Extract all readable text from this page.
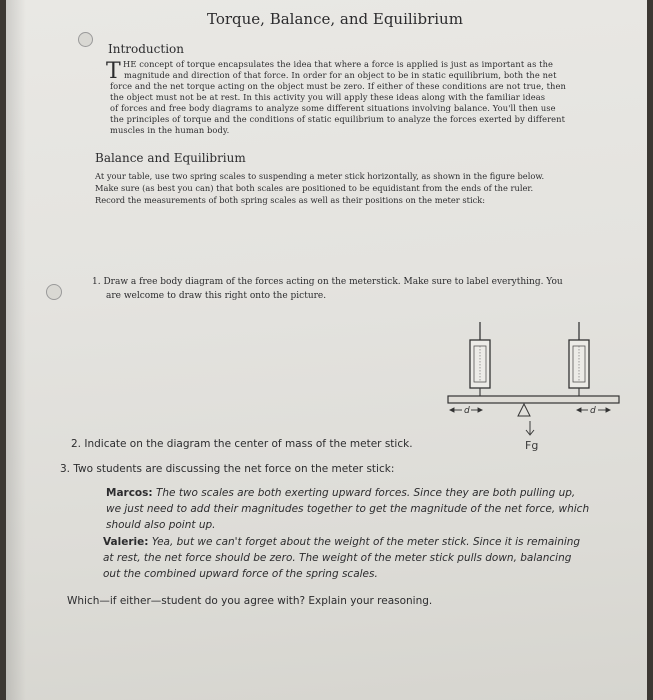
Torque, Balance, and Equilibrium
Introduction
T HE concept of torque encapsulates the idea that where a force is applied is just as important as the
magnitude and direction of that force. In order for an object to be in static equilibrium, both the net
force and the net torque acting on the object must be zero. If either of these conditions are not true, then
the object must not be at rest. In this activity you will apply these ideas along with the familiar ideas
of forces and free body diagrams to analyze some different situations involving balance. You'll then use
the principles of torque and the conditions of static equilibrium to analyze the forces exerted by different
muscles in the human body.
Balance and Equilibrium
At your table, use two spring scales to suspending a meter stick horizontally, as shown in the figure below.
Make sure (as best you can) that both scales are positioned to be equidistant from the ends of the ruler.
Record the measurements of both spring scales as well as their positions on the meter stick:
1. Draw a free body diagram of the forces acting on the meterstick. Make sure to label everything. You
are welcome to draw this right onto the picture.
d	d
Fg
2. Indicate on the diagram the center of mass of the meter stick.
3. Two students are discussing the net force on the meter stick:
Marcos: The two scales are both exerting upward forces. Since they are both pulling up,
we just need to add their magnitudes together to get the magnitude of the net force, which
should also point up.
Valerie: Yea, but we can't forget about the weight of the meter stick. Since it is remaining
at rest, the net force should be zero. The weight of the meter stick pulls down, balancing
out the combined upward force of the spring scales.
Which—if either—student do you agree with? Explain your reasoning.
